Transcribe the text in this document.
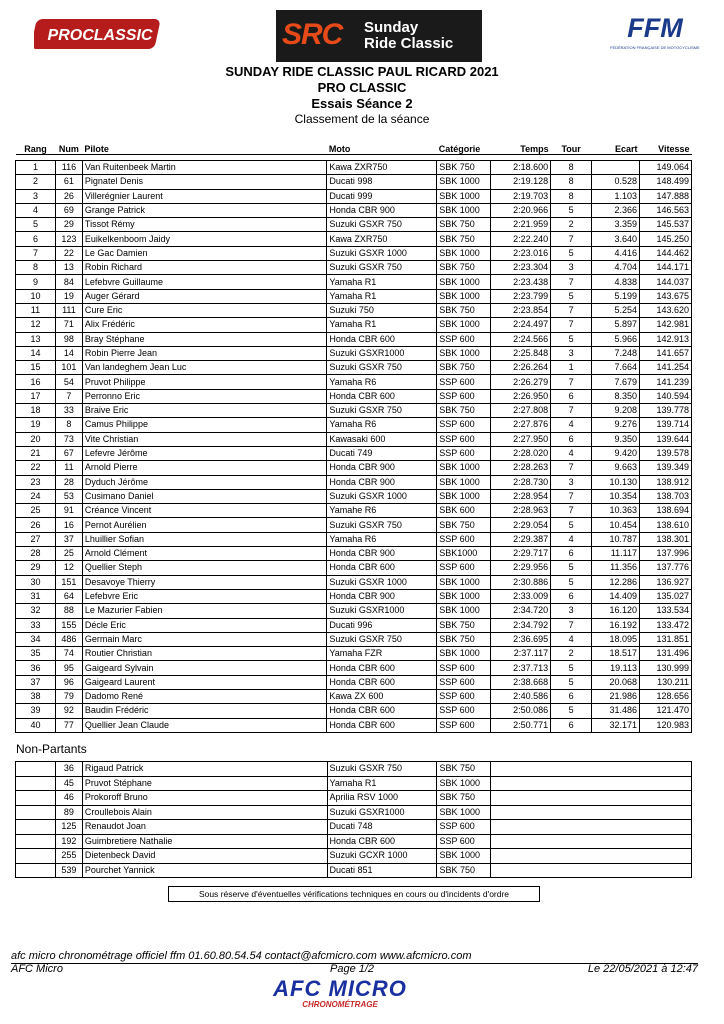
PROCLASSIC	SRC Sunday
Ride Classic
FFM
FÉDÉRATION FRANÇAISE DE MOTOCYCLISME
SUNDAY RIDE CLASSIC PAUL RICARD 2021
PRO CLASSIC
Essais Séance 2
Classement de la séance
Rang	Num	Pilote	Moto	Catégorie	Temps	Tour	Ecart	Vitesse

1	116	Van Ruitenbeek Martin	Kawa ZXR750	SBK 750	2:18.600	8		149.064
2	61	Pignatel Denis	Ducati 998	SBK 1000	2:19.128	8	0.528	148.499
3	26	Villerégnier Laurent	Ducati 999	SBK 1000	2:19.703	8	1.103	147.888
4	69	Grange Patrick	Honda CBR 900	SBK 1000	2:20.966	5	2.366	146.563
5	29	Tissot Rémy	Suzuki GSXR 750	SBK 750	2:21.959	2	3.359	145.537
6	123	Euikelkenboom Jaidy	Kawa ZXR750	SBK 750	2:22.240	7	3.640	145.250
7	22	Le Gac Damien	Suzuki GSXR 1000	SBK 1000	2:23.016	5	4.416	144.462
8	13	Robin Richard	Suzuki GSXR 750	SBK 750	2:23.304	3	4.704	144.171
9	84	Lefebvre Guillaume	Yamaha R1	SBK 1000	2:23.438	7	4.838	144.037
10	19	Auger Gérard	Yamaha R1	SBK 1000	2:23.799	5	5.199	143.675
11	111	Cure Eric	Suzuki 750	SBK 750	2:23.854	7	5.254	143.620
12	71	Alix Frédéric	Yamaha R1	SBK 1000	2:24.497	7	5.897	142.981
13	98	Bray Stéphane	Honda CBR 600	SSP 600	2:24.566	5	5.966	142.913
14	14	Robin Pierre Jean	Suzuki GSXR1000	SBK 1000	2:25.848	3	7.248	141.657
15	101	Van landeghem Jean Luc	Suzuki GSXR 750	SBK 750	2:26.264	1	7.664	141.254
16	54	Pruvot Philippe	Yamaha R6	SSP 600	2:26.279	7	7.679	141.239
17	7	Perronno Eric	Honda CBR 600	SSP 600	2:26.950	6	8.350	140.594
18	33	Braive Eric	Suzuki GSXR 750	SBK 750	2:27.808	7	9.208	139.778
19	8	Camus Philippe	Yamaha R6	SSP 600	2:27.876	4	9.276	139.714
20	73	Vite Christian	Kawasaki 600	SSP 600	2:27.950	6	9.350	139.644
21	67	Lefevre Jérôme	Ducati 749	SSP 600	2:28.020	4	9.420	139.578
22	11	Arnold Pierre	Honda CBR 900	SBK 1000	2:28.263	7	9.663	139.349
23	28	Dyduch Jérôme	Honda CBR 900	SBK 1000	2:28.730	3	10.130	138.912
24	53	Cusimano Daniel	Suzuki GSXR 1000	SBK 1000	2:28.954	7	10.354	138.703
25	91	Créance Vincent	Yamahe R6	SBK 600	2:28.963	7	10.363	138.694
26	16	Pernot Aurélien	Suzuki GSXR 750	SBK 750	2:29.054	5	10.454	138.610
27	37	Lhuillier Sofian	Yamaha R6	SSP 600	2:29.387	4	10.787	138.301
28	25	Arnold Clément	Honda CBR 900	SBK1000	2:29.717	6	11.117	137.996
29	12	Quellier Steph	Honda CBR 600	SSP 600	2:29.956	5	11.356	137.776
30	151	Desavoye Thierry	Suzuki GSXR 1000	SBK 1000	2:30.886	5	12.286	136.927
31	64	Lefebvre Eric	Honda CBR 900	SBK 1000	2:33.009	6	14.409	135.027
32	88	Le Mazurier Fabien	Suzuki GSXR1000	SBK 1000	2:34.720	3	16.120	133.534
33	155	Décle Eric	Ducati 996	SBK 750	2:34.792	7	16.192	133.472
34	486	Germain Marc	Suzuki GSXR 750	SBK 750	2:36.695	4	18.095	131.851
35	74	Routier Christian	Yamaha FZR	SBK 1000	2:37.117	2	18.517	131.496
36	95	Gaigeard Sylvain	Honda CBR 600	SSP 600	2:37.713	5	19.113	130.999
37	96	Gaigeard Laurent	Honda CBR 600	SSP 600	2:38.668	5	20.068	130.211
38	79	Dadomo René	Kawa ZX 600	SSP 600	2:40.586	6	21.986	128.656
39	92	Baudin Frédéric	Honda CBR 600	SSP 600	2:50.086	5	31.486	121.470
40	77	Quellier Jean Claude	Honda CBR 600	SSP 600	2:50.771	6	32.171	120.983
Non-Partants
	36	Rigaud Patrick	Suzuki GSXR 750	SBK 750	
	45	Pruvot Stéphane	Yamaha R1	SBK 1000	
	46	Prokoroff Bruno	Aprilia RSV 1000	SBK 750	
	89	Croullebois Alain	Suzuki GSXR1000	SBK 1000	
	125	Renaudot Joan	Ducati 748	SSP 600	
	192	Guimbretiere Nathalie	Honda CBR 600	SSP 600	
	255	Dietenbeck David	Suzuki GCXR 1000	SBK 1000	
	539	Pourchet Yannick	Ducati 851	SBK 750	
Sous réserve d'éventuelles vérifications techniques en cours ou d'incidents d'ordre
afc micro chronométrage officiel ffm 01.60.80.54.54 contact@afcmicro.com www.afcmicro.com
AFC Micro	Page 1/2	Le 22/05/2021 à 12:47
AFC MICRO
CHRONOMÉTRAGE
